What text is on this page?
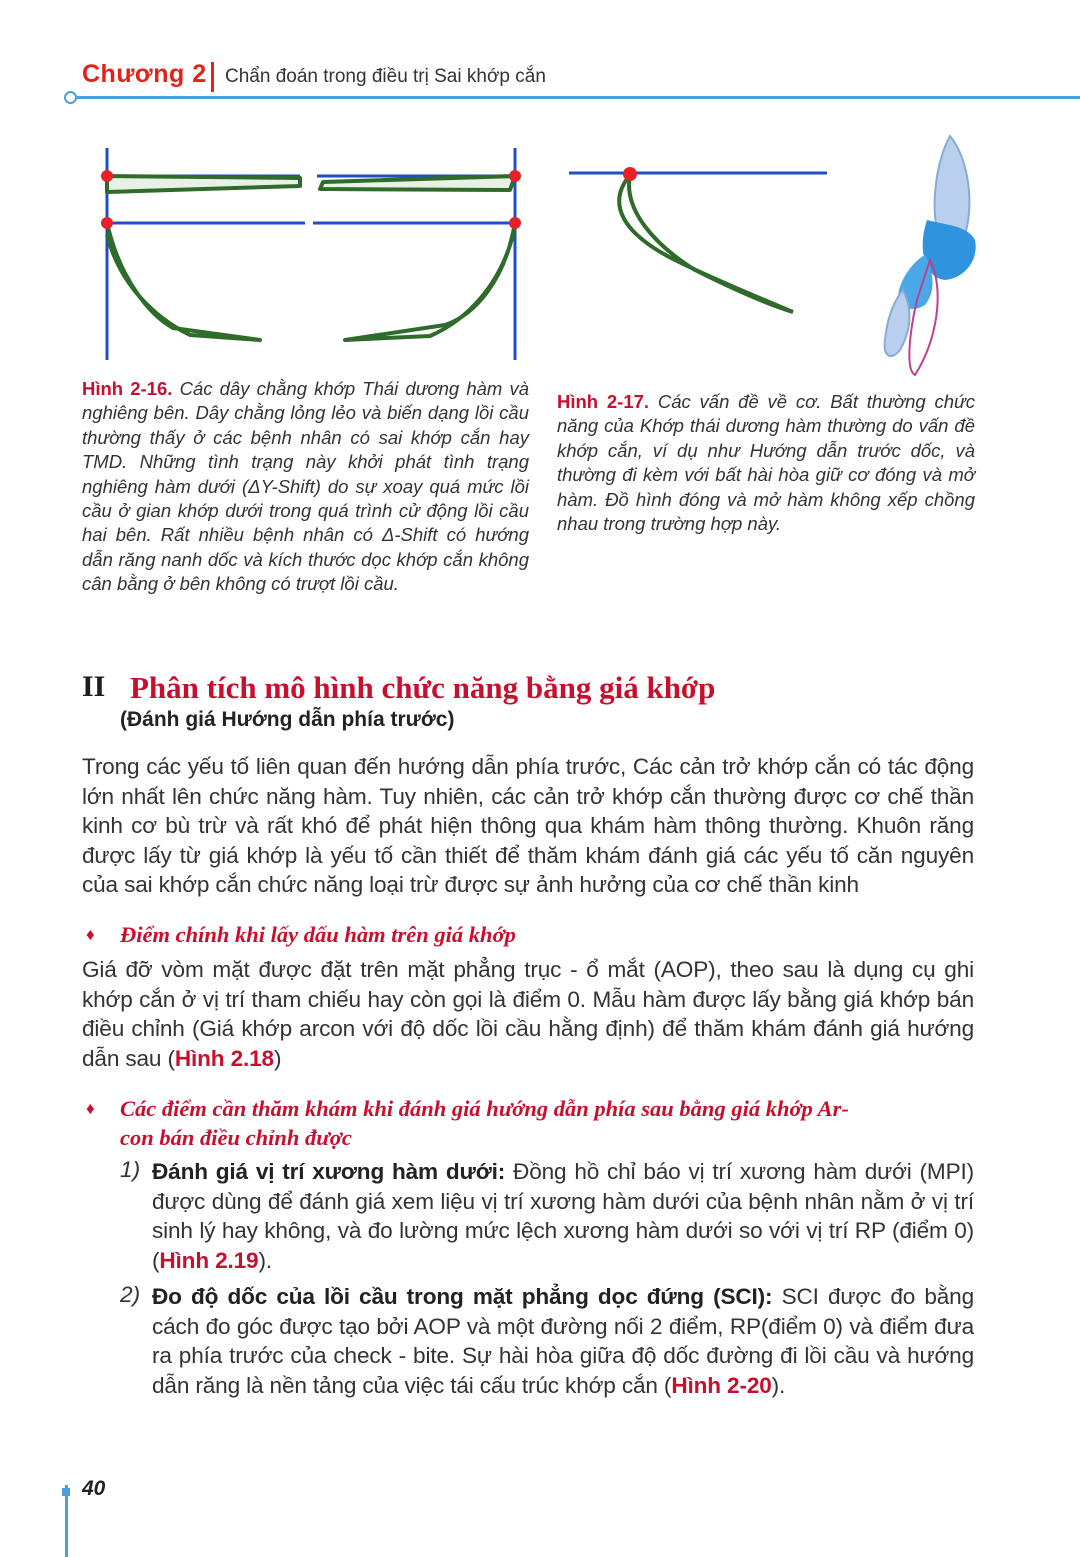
Chương 2 Chẩn đoán trong điều trị Sai khớp cắn
Hình 2-16. Các dây chằng khớp Thái dương hàm và nghiêng bên. Dây chằng lỏng lẻo và biến dạng lồi cầu thường thấy ở các bệnh nhân có sai khớp cắn hay TMD. Những tình trạng này khởi phát tình trạng nghiêng hàm dưới (ΔY-Shift) do sự xoay quá mức lồi cầu ở gian khớp dưới trong quá trình cử động lồi cầu hai bên. Rất nhiều bệnh nhân có Δ-Shift có hướng dẫn răng nanh dốc và kích thước dọc khớp cắn không cân bằng ở bên không có trượt lồi cầu.
Hình 2-17. Các vấn đề về cơ. Bất thường chức năng của Khớp thái dương hàm thường do vấn đề khớp cắn, ví dụ như Hướng dẫn trước dốc, và thường đi kèm với bất hài hòa giữ cơ đóng và mở hàm. Đồ hình đóng và mở hàm không xếp chồng nhau trong trường hợp này.
II Phân tích mô hình chức năng bằng giá khớp
(Đánh giá Hướng dẫn phía trước)
Trong các yếu tố liên quan đến hướng dẫn phía trước, Các cản trở khớp cắn có tác động lớn nhất lên chức năng hàm. Tuy nhiên, các cản trở khớp cắn thường được cơ chế thần kinh cơ bù trừ và rất khó để phát hiện thông qua khám hàm thông thường. Khuôn răng được lấy từ giá khớp là yếu tố cần thiết để thăm khám đánh giá các yếu tố căn nguyên của sai khớp cắn chức năng loại trừ được sự ảnh hưởng của cơ chế thần kinh
♦ Điểm chính khi lấy dấu hàm trên giá khớp
Giá đỡ vòm mặt được đặt trên mặt phẳng trục - ổ mắt (AOP), theo sau là dụng cụ ghi khớp cắn ở vị trí tham chiếu hay còn gọi là điểm 0. Mẫu hàm được lấy bằng giá khớp bán điều chỉnh (Giá khớp arcon với độ dốc lồi cầu hằng định) để thăm khám đánh giá hướng dẫn sau (Hình 2.18)
♦ Các điểm cần thăm khám khi đánh giá hướng dẫn phía sau bằng giá khớp Ar-
con bán điều chỉnh được
1) Đánh giá vị trí xương hàm dưới: Đồng hồ chỉ báo vị trí xương hàm dưới (MPI) được dùng để đánh giá xem liệu vị trí xương hàm dưới của bệnh nhân nằm ở vị trí sinh lý hay không, và đo lường mức lệch xương hàm dưới so với vị trí RP (điểm 0) (Hình 2.19).
2) Đo độ dốc của lồi cầu trong mặt phẳng dọc đứng (SCI): SCI được đo bằng cách đo góc được tạo bởi AOP và một đường nối 2 điểm, RP(điểm 0) và điểm đưa ra phía trước của check - bite. Sự hài hòa giữa độ dốc đường đi lồi cầu và hướng dẫn răng là nền tảng của việc tái cấu trúc khớp cắn (Hình 2-20).
40
